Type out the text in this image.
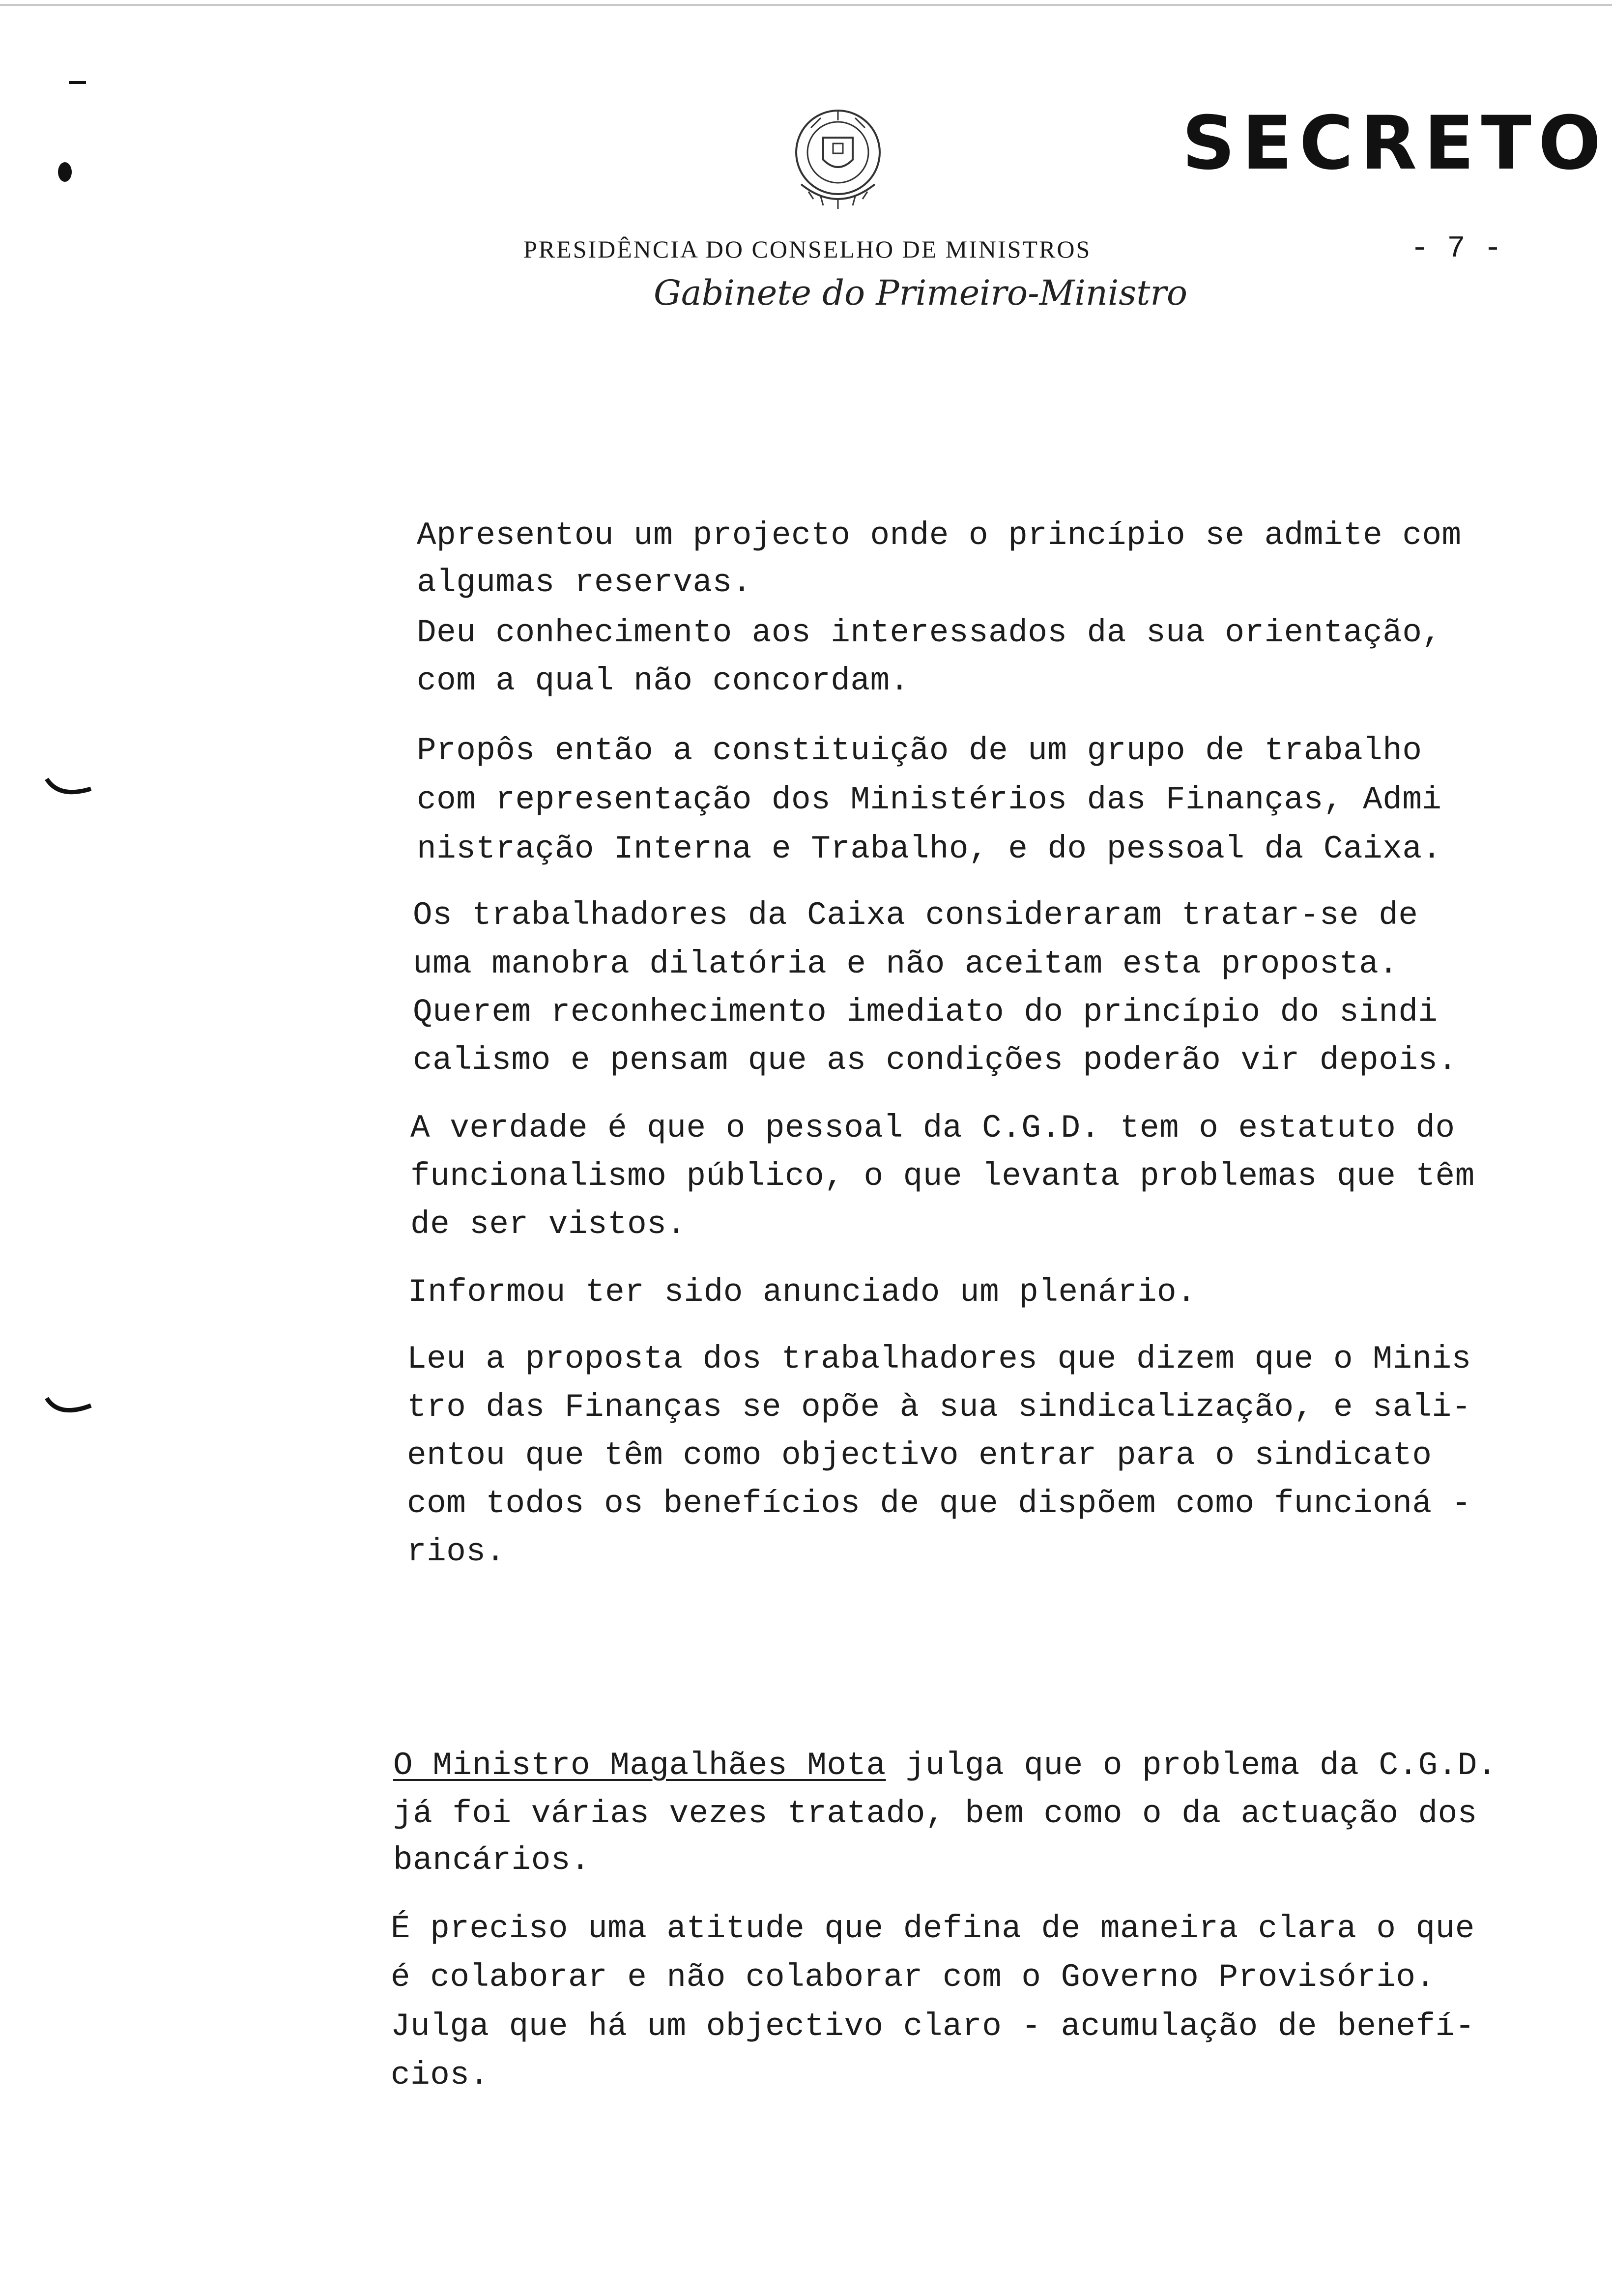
SECRETO
PRESIDÊNCIA DO CONSELHO DE MINISTROS	- 7 -
Gabinete do Primeiro-Ministro
Apresentou um projecto onde o princípio se admite com
algumas reservas.
Deu conhecimento aos interessados da sua orientação,
com a qual não concordam.
Propôs então a constituição de um grupo de trabalho
com representação dos Ministérios das Finanças, Admi
nistração Interna e Trabalho, e do pessoal da Caixa.
Os trabalhadores da Caixa consideraram tratar-se de
uma manobra dilatória e não aceitam esta proposta.
Querem reconhecimento imediato do princípio do sindi
calismo e pensam que as condições poderão vir depois.
A verdade é que o pessoal da C.G.D. tem o estatuto do
funcionalismo público, o que levanta problemas que têm
de ser vistos.
Informou ter sido anunciado um plenário.
Leu a proposta dos trabalhadores que dizem que o Minis
tro das Finanças se opõe à sua sindicalização, e sali-
entou que têm como objectivo entrar para o sindicato
com todos os benefícios de que dispõem como funcioná -
rios.
O Ministro Magalhães Mota julga que o problema da C.G.D.
já foi várias vezes tratado, bem como o da actuação dos
bancários.
É preciso uma atitude que defina de maneira clara o que
é colaborar e não colaborar com o Governo Provisório.
Julga que há um objectivo claro - acumulação de benefí-
cios.
